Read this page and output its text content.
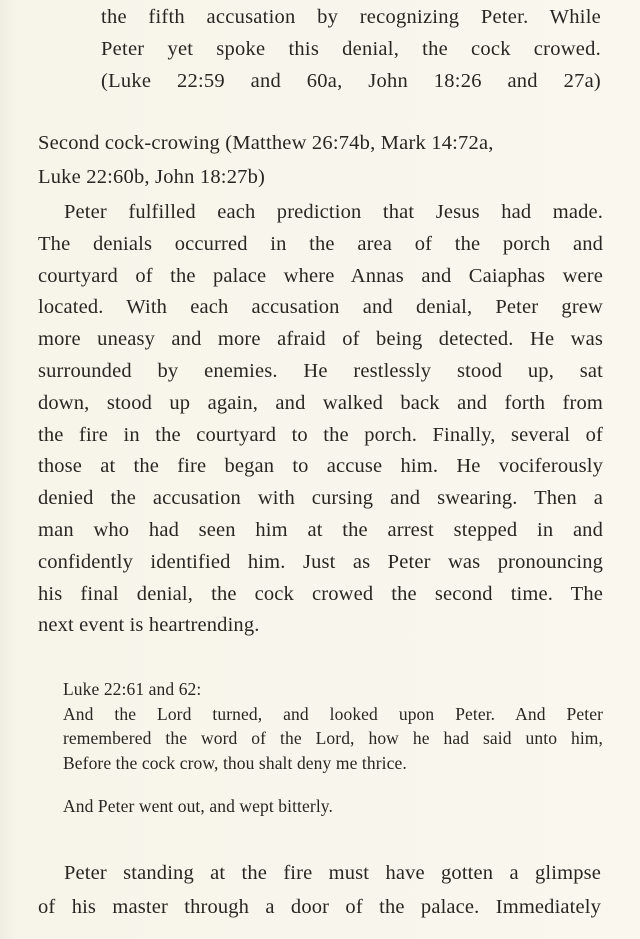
the fifth accusation by recognizing Peter. While
Peter yet spoke this denial, the cock crowed.
(Luke 22:59 and 60a, John 18:26 and 27a)
Second cock-crowing (Matthew 26:74b, Mark 14:72a,
Luke 22:60b, John 18:27b)
Peter fulfilled each prediction that Jesus had made.
The denials occurred in the area of the porch and
courtyard of the palace where Annas and Caiaphas were
located. With each accusation and denial, Peter grew
more uneasy and more afraid of being detected. He was
surrounded by enemies. He restlessly stood up, sat
down, stood up again, and walked back and forth from
the fire in the courtyard to the porch. Finally, several of
those at the fire began to accuse him. He vociferously
denied the accusation with cursing and swearing. Then a
man who had seen him at the arrest stepped in and
confidently identified him. Just as Peter was pronouncing
his final denial, the cock crowed the second time. The
next event is heartrending.
Luke 22:61 and 62:
And the Lord turned, and looked upon Peter. And Peter
remembered the word of the Lord, how he had said unto him,
Before the cock crow, thou shalt deny me thrice.
And Peter went out, and wept bitterly.
Peter standing at the fire must have gotten a glimpse
of his master through a door of the palace. Immediately
